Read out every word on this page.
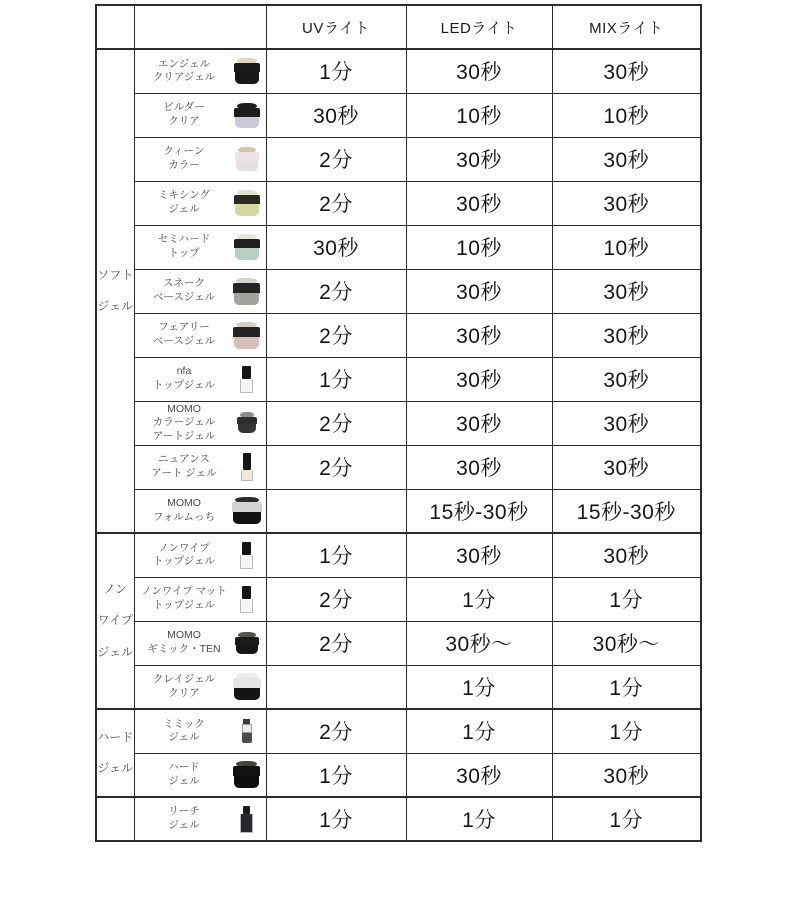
		UVライト	LEDライト	MIXライト

ソフト
ジェル

エンジェル
クリアジェル	1分	30秒	30秒

	ビルダー
クリア	30秒	10秒	10秒

	クィーン
カラー	2分	30秒	30秒

	ミキシング
ジェル	2分	30秒	30秒

	セミハード
トップ	30秒	10秒	10秒

	スネーク
ベースジェル	2分	30秒	30秒

	フェアリー
ベースジェル	2分	30秒	30秒

	nfa
トップジェル	1分	30秒	30秒

	MOMO
カラージェル
アートジェル	2分	30秒	30秒

	ニュアンス
アート ジェル	2分	30秒	30秒

	MOMO
フォルムっち		15秒-30秒	15秒-30秒

ノン
ワイプ
ジェル

ノンワイプ
トップジェル	1分	30秒	30秒

	ノンワイプ マット
トップジェル	2分	1分	1分

	MOMO
ギミック・TEN	2分	30秒～	30秒～

	クレイジェル
クリア		1分	1分

ハード
ジェル

ミミック
ジェル	2分	1分	1分

	ハード
ジェル	1分	30秒	30秒

	リーチ
ジェル	1分	1分	1分
